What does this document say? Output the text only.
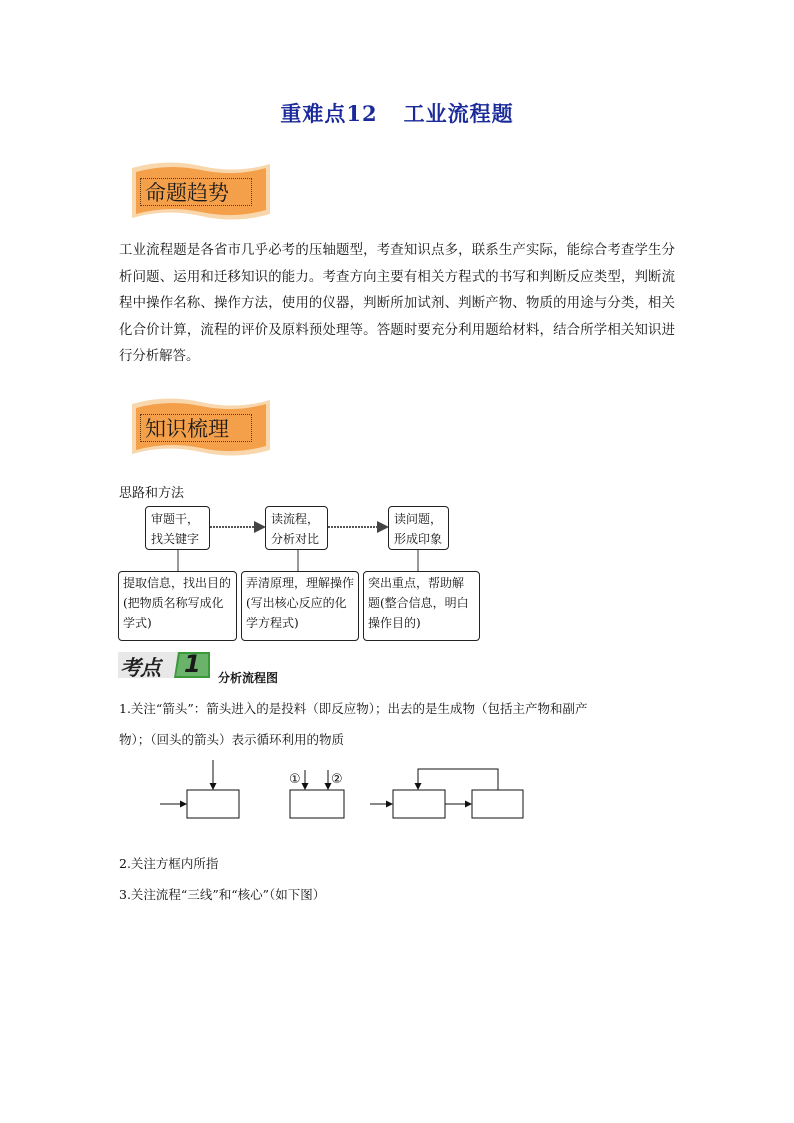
重难点12 工业流程题
命题趋势
工业流程题是各省市几乎必考的压轴题型，考查知识点多，联系生产实际，能综合考查学生分析问题、运用和迁移知识的能力。考查方向主要有相关方程式的书写和判断反应类型，判断流程中操作名称、操作方法，使用的仪器，判断所加试剂、判断产物、物质的用途与分类，相关化合价计算，流程的评价及原料预处理等。答题时要充分利用题给材料，结合所学相关知识进行分析解答。
知识梳理
思路和方法
审题干，
找关键字
读流程，
分析对比
读问题，
形成印象
提取信息，找出目的(把物质名称写成化学式)
弄清原理，理解操作(写出核心反应的化学方程式)
突出重点，帮助解题(整合信息，明白操作目的)
考点 1 分析流程图
1.关注“箭头”：箭头进入的是投料（即反应物）；出去的是生成物（包括主产物和副产
物）；（回头的箭头）表示循环利用的物质
① ②
2.关注方框内所指
3.关注流程“三线”和“核心”（如下图）
